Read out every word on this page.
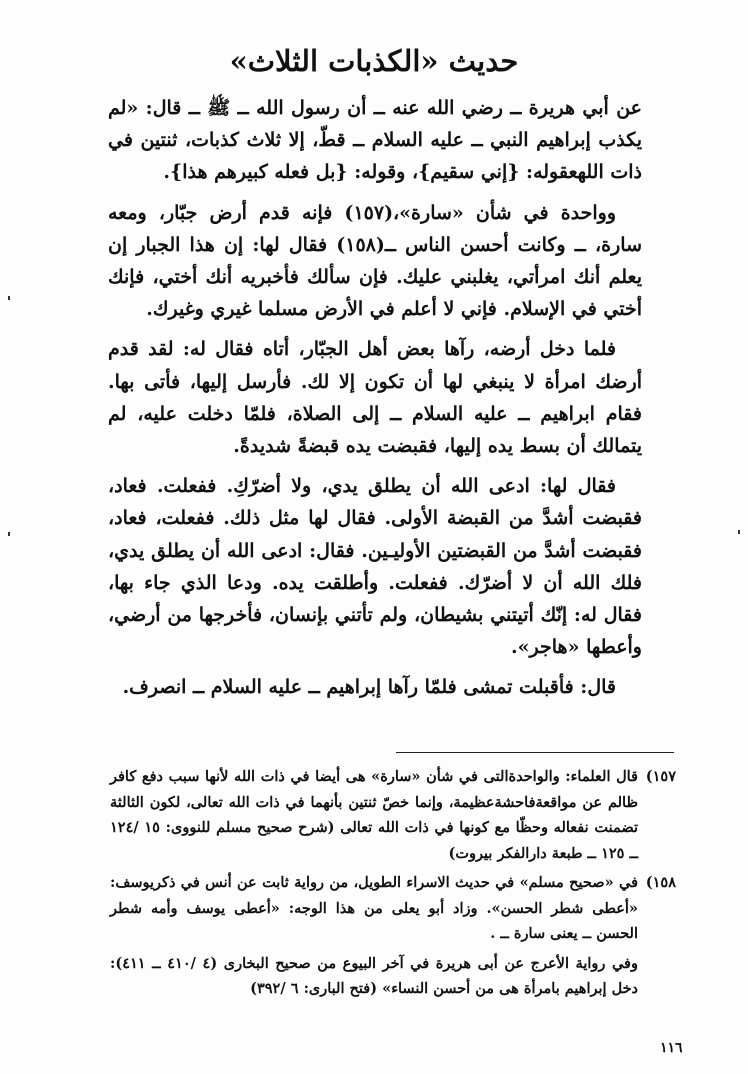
حديث «الكذبات الثلاث»

عن أبي هريرة ــ رضي الله عنه ــ أن رسول الله ــ ﷺ ــ قال: «لم يكذب إبراهيم النبي ــ عليه السلام ــ قطّ، إلا ثلاث كذبات، ثنتين في ذات اللهعقوله: {إني سقيم}، وقوله: {بل فعله كبيرهم هذا}.

وواحدة في شأن «سارة»،(١٥٧) فإنه قدم أرض جبّار، ومعه سارة، ــ وكانت أحسن الناس ــ(١٥٨) فقال لها: إن هذا الجبار إن يعلم أنك امرأتي، يغلبني عليك. فإن سألك فأخبريه أنك أختي، فإنك أختي في الإسلام. فإني لا أعلم في الأرض مسلما غيري وغيرك.

فلما دخل أرضه، رآها بعض أهل الجبّار، أتاه فقال له: لقد قدم أرضك امرأة لا ينبغي لها أن تكون إلا لك. فأرسل إليها، فأتى بها. فقام ابراهيم ــ عليه السلام ــ إلى الصلاة، فلمّا دخلت عليه، لم يتمالك أن بسط يده إليها، فقبضت يده قبضةً شديدةً.

فقال لها: ادعى الله أن يطلق يدي، ولا أضرّكِ. ففعلت. فعاد، فقبضت أشدَّ من القبضة الأولى. فقال لها مثل ذلك. ففعلت، فعاد، فقبضت أشدَّ من القبضتين الأوليـين. فقال: ادعى الله أن يطلق يدي، فلك الله أن لا أضرّك. ففعلت. وأطلقت يده. ودعا الذي جاء بها، فقال له: إنّك أتيتني بشيطان، ولم تأتني بإنسان، فأخرجها من أرضي، وأعطها «هاجر».

قال: فأقبلت تمشى فلمّا رآها إبراهيم ــ عليه السلام ــ انصرف.

١٥٧)
قال العلماء: والواحدةالتى في شأن «سارة» هى أيضا في ذات الله لأنها سبب دفع كافر ظالم عن مواقعةفاحشةعظيمة، وإنما خصّ ثنتين بأنهما في ذات الله تعالى، لكون الثالثة تضمنت نفعاله وحظّا مع كونها في ذات الله تعالى (شرح صحيح مسلم للنووى: ١٥ /١٢٤ ــ ١٢٥ ــ طبعة دارالفكر بيروت)
١٥٨)
في «صحيح مسلم» في حديث الاسراء الطويل، من رواية ثابت عن أنس في ذكريوسف: «أعطى شطر الحسن». وزاد أبو يعلى من هذا الوجه: «أعطى يوسف وأمه شطر الحسن ــ يعنى سارة ــ .
وفي رواية الأعرج عن أبى هريرة في آخر البيوع من صحيح البخارى (٤ /٤١٠ ــ ٤١١): دخل إبراهيم بامرأة هى من أحسن النساء» (فتح البارى: ٦ /٣٩٢)
١١٦
